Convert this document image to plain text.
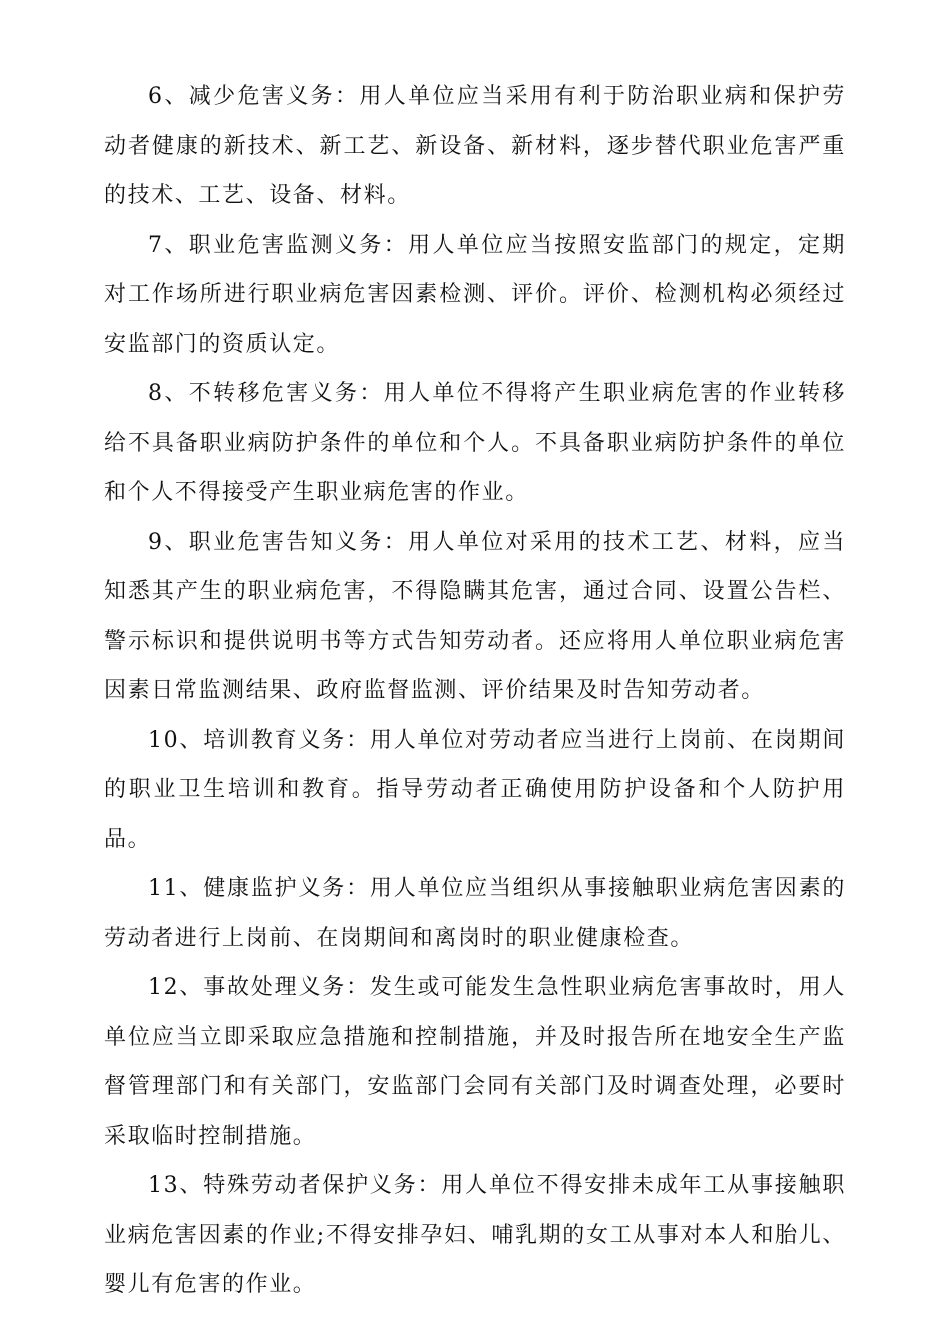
6、减少危害义务：用人单位应当采用有利于防治职业病和保护劳动者健康的新技术、新工艺、新设备、新材料，逐步替代职业危害严重的技术、工艺、设备、材料。

7、职业危害监测义务：用人单位应当按照安监部门的规定，定期对工作场所进行职业病危害因素检测、评价。评价、检测机构必须经过安监部门的资质认定。

8、不转移危害义务：用人单位不得将产生职业病危害的作业转移给不具备职业病防护条件的单位和个人。不具备职业病防护条件的单位和个人不得接受产生职业病危害的作业。

9、职业危害告知义务：用人单位对采用的技术工艺、材料，应当知悉其产生的职业病危害，不得隐瞒其危害，通过合同、设置公告栏、警示标识和提供说明书等方式告知劳动者。还应将用人单位职业病危害因素日常监测结果、政府监督监测、评价结果及时告知劳动者。

10、培训教育义务：用人单位对劳动者应当进行上岗前、在岗期间的职业卫生培训和教育。指导劳动者正确使用防护设备和个人防护用品。

11、健康监护义务：用人单位应当组织从事接触职业病危害因素的劳动者进行上岗前、在岗期间和离岗时的职业健康检查。

12、事故处理义务：发生或可能发生急性职业病危害事故时，用人单位应当立即采取应急措施和控制措施，并及时报告所在地安全生产监督管理部门和有关部门，安监部门会同有关部门及时调查处理，必要时采取临时控制措施。

13、特殊劳动者保护义务：用人单位不得安排未成年工从事接触职业病危害因素的作业;不得安排孕妇、哺乳期的女工从事对本人和胎儿、婴儿有危害的作业。
